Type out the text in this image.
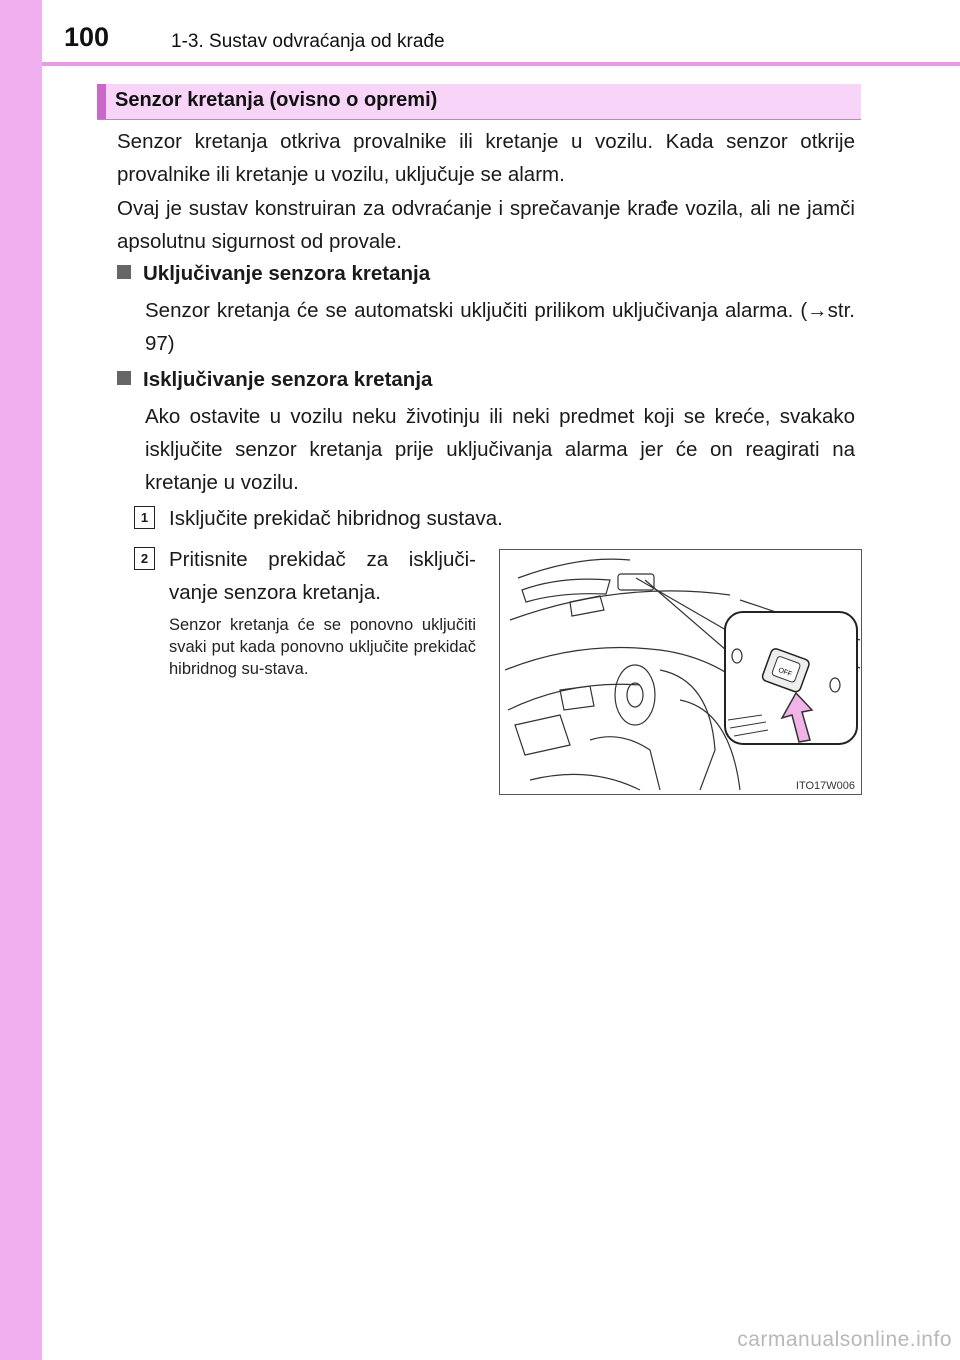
100	1-3. Sustav odvraćanja od krađe
Senzor kretanja (ovisno o opremi)

Senzor kretanja otkriva provalnike ili kretanje u vozilu. Kada senzor otkrije provalnike ili kretanje u vozilu, uključuje se alarm.

Ovaj je sustav konstruiran za odvraćanje i sprečavanje krađe vozila, ali ne jamči apsolutnu sigurnost od provale.

Uključivanje senzora kretanja

Senzor kretanja će se automatski uključiti prilikom uključivanja alarma. (→str. 97)

Isključivanje senzora kretanja

Ako ostavite u vozilu neku životinju ili neki predmet koji se kreće, svakako isključite senzor kretanja prije uključivanja alarma jer će on reagirati na kretanje u vozilu.

1	Isključite prekidač hibridnog sustava.

2	Pritisnite prekidač za isključi-vanje senzora kretanja.

Senzor kretanja će se ponovno uključiti svaki put kada ponovno uključite prekidač hibridnog su-stava.	OFF
ITO17W006
carmanualsonline.info
